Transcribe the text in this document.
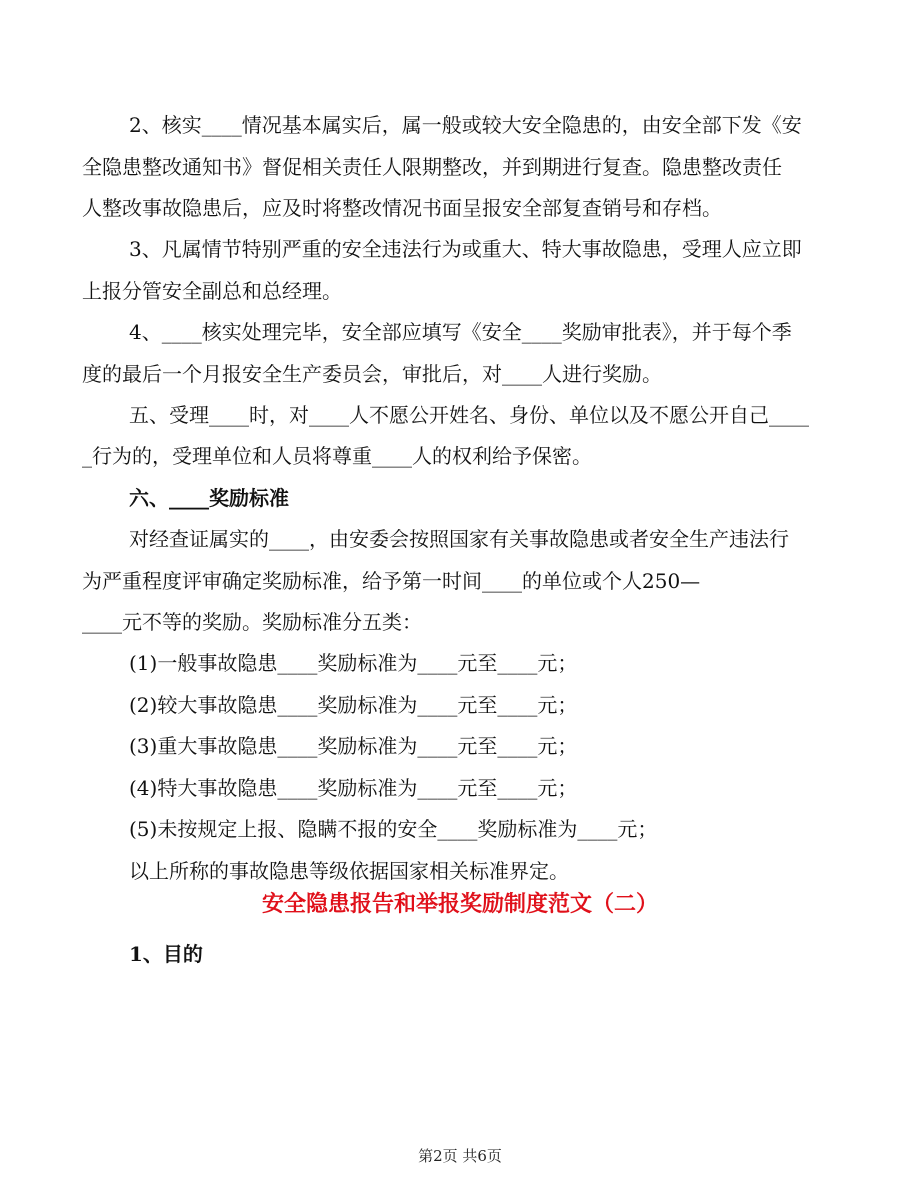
2、核实____情况基本属实后，属一般或较大安全隐患的，由安全部下发《安
全隐患整改通知书》督促相关责任人限期整改，并到期进行复查。隐患整改责任
人整改事故隐患后，应及时将整改情况书面呈报安全部复查销号和存档。
3、凡属情节特别严重的安全违法行为或重大、特大事故隐患，受理人应立即
上报分管安全副总和总经理。
4、____核实处理完毕，安全部应填写《安全____奖励审批表》，并于每个季
度的最后一个月报安全生产委员会，审批后，对____人进行奖励。
五、受理____时，对____人不愿公开姓名、身份、单位以及不愿公开自己____
_行为的，受理单位和人员将尊重____人的权利给予保密。
六、____奖励标准
对经查证属实的____，由安委会按照国家有关事故隐患或者安全生产违法行
为严重程度评审确定奖励标准，给予第一时间____的单位或个人250—
____元不等的奖励。奖励标准分五类：
(1)一般事故隐患____奖励标准为____元至____元；
(2)较大事故隐患____奖励标准为____元至____元；
(3)重大事故隐患____奖励标准为____元至____元；
(4)特大事故隐患____奖励标准为____元至____元；
(5)未按规定上报、隐瞒不报的安全____奖励标准为____元；
以上所称的事故隐患等级依据国家相关标准界定。
安全隐患报告和举报奖励制度范文（二）
1、目的
第2页 共6页
